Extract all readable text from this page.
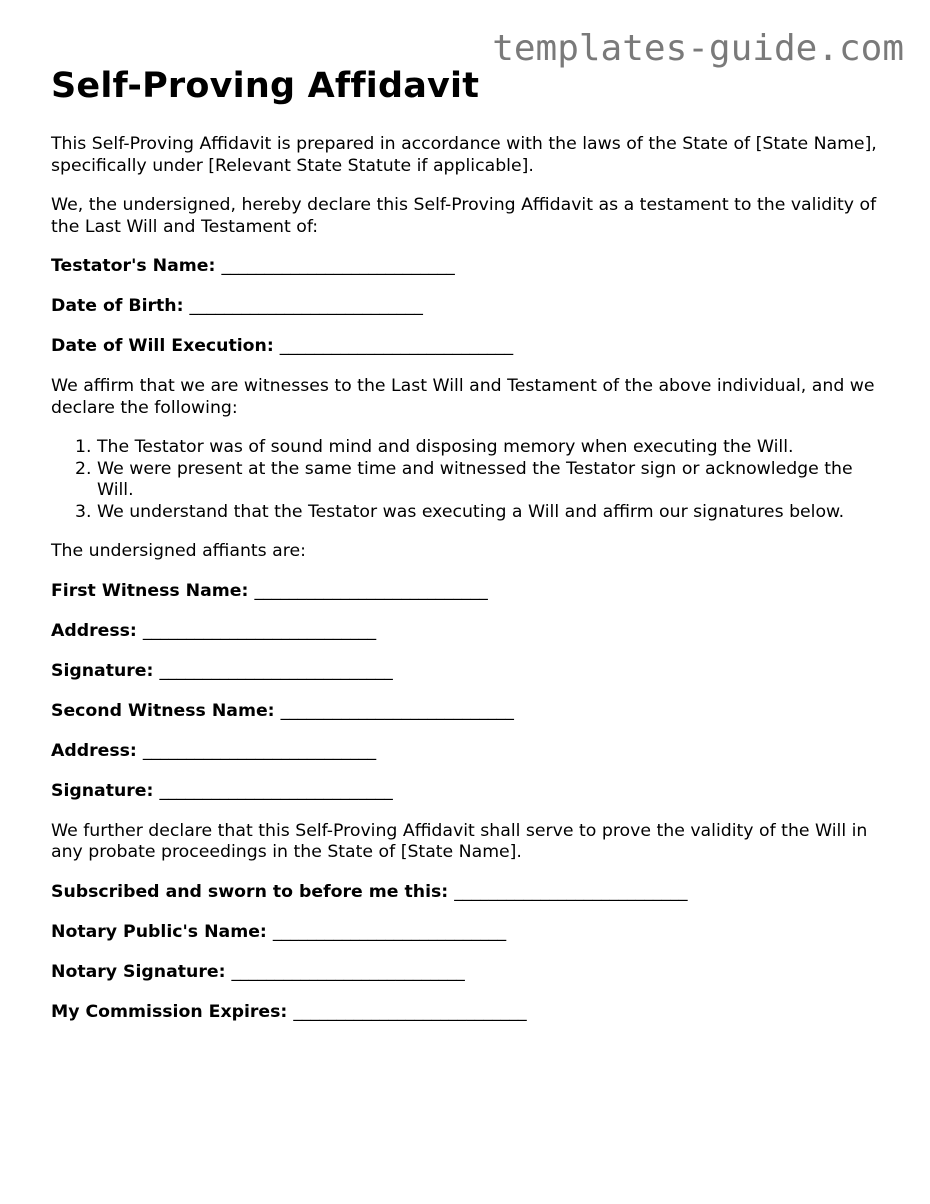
templates-guide.com
Self-Proving Affidavit

This Self-Proving Affidavit is prepared in accordance with the laws of the State of [State Name], specifically under [Relevant State Statute if applicable].

We, the undersigned, hereby declare this Self-Proving Affidavit as a testament to the validity of the Last Will and Testament of:

Testator's Name: ___________________________
Date of Birth: ___________________________
Date of Will Execution: ___________________________

We affirm that we are witnesses to the Last Will and Testament of the above individual, and we declare the following:

1. The Testator was of sound mind and disposing memory when executing the Will.
2. We were present at the same time and witnessed the Testator sign or acknowledge the Will.
3. We understand that the Testator was executing a Will and affirm our signatures below.

The undersigned affiants are:

First Witness Name: ___________________________
Address: ___________________________
Signature: ___________________________
Second Witness Name: ___________________________
Address: ___________________________
Signature: ___________________________

We further declare that this Self-Proving Affidavit shall serve to prove the validity of the Will in any probate proceedings in the State of [State Name].

Subscribed and sworn to before me this: ___________________________
Notary Public's Name: ___________________________
Notary Signature: ___________________________
My Commission Expires: ___________________________
